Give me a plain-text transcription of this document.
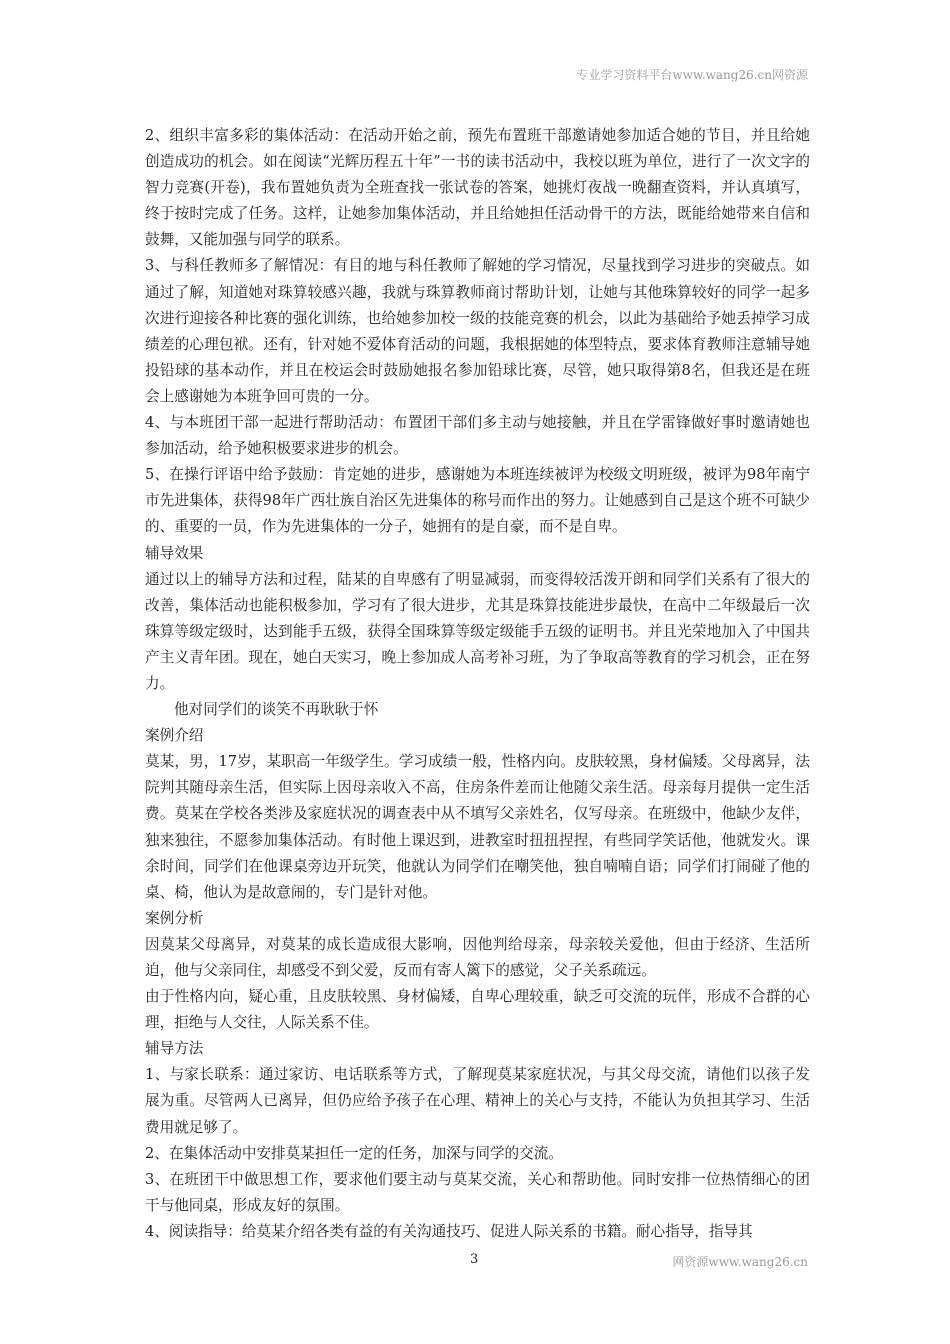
专业学习资料平台www.wang26.cn网资源

2、组织丰富多彩的集体活动：在活动开始之前，预先布置班干部邀请她参加适合她的节目，并且给她创造成功的机会。如在阅读“光辉历程五十年”一书的读书活动中，我校以班为单位，进行了一次文字的智力竞赛(开卷)，我布置她负责为全班查找一张试卷的答案，她挑灯夜战一晚翻查资料，并认真填写，终于按时完成了任务。这样，让她参加集体活动，并且给她担任活动骨干的方法，既能给她带来自信和鼓舞，又能加强与同学的联系。

3、与科任教师多了解情况：有目的地与科任教师了解她的学习情况，尽量找到学习进步的突破点。如通过了解，知道她对珠算较感兴趣，我就与珠算教师商讨帮助计划，让她与其他珠算较好的同学一起多次进行迎接各种比赛的强化训练，也给她参加校一级的技能竞赛的机会，以此为基础给予她丢掉学习成绩差的心理包袱。还有，针对她不爱体育活动的问题，我根据她的体型特点，要求体育教师注意辅导她投铅球的基本动作，并且在校运会时鼓励她报名参加铅球比赛，尽管，她只取得第8名，但我还是在班会上感谢她为本班争回可贵的一分。

4、与本班团干部一起进行帮助活动：布置团干部们多主动与她接触，并且在学雷锋做好事时邀请她也参加活动，给予她积极要求进步的机会。

5、在操行评语中给予鼓励：肯定她的进步，感谢她为本班连续被评为校级文明班级，被评为98年南宁市先进集体，获得98年广西壮族自治区先进集体的称号而作出的努力。让她感到自己是这个班不可缺少的、重要的一员，作为先进集体的一分子，她拥有的是自豪，而不是自卑。

辅导效果

通过以上的辅导方法和过程，陆某的自卑感有了明显减弱，而变得较活泼开朗和同学们关系有了很大的改善，集体活动也能积极参加，学习有了很大进步，尤其是珠算技能进步最快，在高中二年级最后一次珠算等级定级时，达到能手五级，获得全国珠算等级定级能手五级的证明书。并且光荣地加入了中国共产主义青年团。现在，她白天实习，晚上参加成人高考补习班，为了争取高等教育的学习机会，正在努力。

他对同学们的谈笑不再耿耿于怀

案例介绍

莫某，男，17岁，某职高一年级学生。学习成绩一般，性格内向。皮肤较黑，身材偏矮。父母离异，法院判其随母亲生活，但实际上因母亲收入不高，住房条件差而让他随父亲生活。母亲每月提供一定生活费。莫某在学校各类涉及家庭状况的调查表中从不填写父亲姓名，仅写母亲。在班级中，他缺少友伴，独来独往，不愿参加集体活动。有时他上课迟到，进教室时扭扭捏捏，有些同学笑话他，他就发火。课余时间，同学们在他课桌旁边开玩笑，他就认为同学们在嘲笑他，独自喃喃自语；同学们打闹碰了他的桌、椅，他认为是故意闹的，专门是针对他。

案例分析

因莫某父母离异，对莫某的成长造成很大影响，因他判给母亲，母亲较关爱他，但由于经济、生活所迫，他与父亲同住，却感受不到父爱，反而有寄人篱下的感觉，父子关系疏远。

由于性格内向，疑心重，且皮肤较黑、身材偏矮，自卑心理较重，缺乏可交流的玩伴，形成不合群的心理，拒绝与人交往，人际关系不佳。

辅导方法

1、与家长联系：通过家访、电话联系等方式，了解现莫某家庭状况，与其父母交流，请他们以孩子发展为重。尽管两人已离异，但仍应给予孩子在心理、精神上的关心与支持，不能认为负担其学习、生活费用就足够了。

2、在集体活动中安排莫某担任一定的任务，加深与同学的交流。

3、在班团干中做思想工作，要求他们要主动与莫某交流，关心和帮助他。同时安排一位热情细心的团干与他同桌，形成友好的氛围。

4、阅读指导：给莫某介绍各类有益的有关沟通技巧、促进人际关系的书籍。耐心指导，指导其

3	网资源www.wang26.cn
